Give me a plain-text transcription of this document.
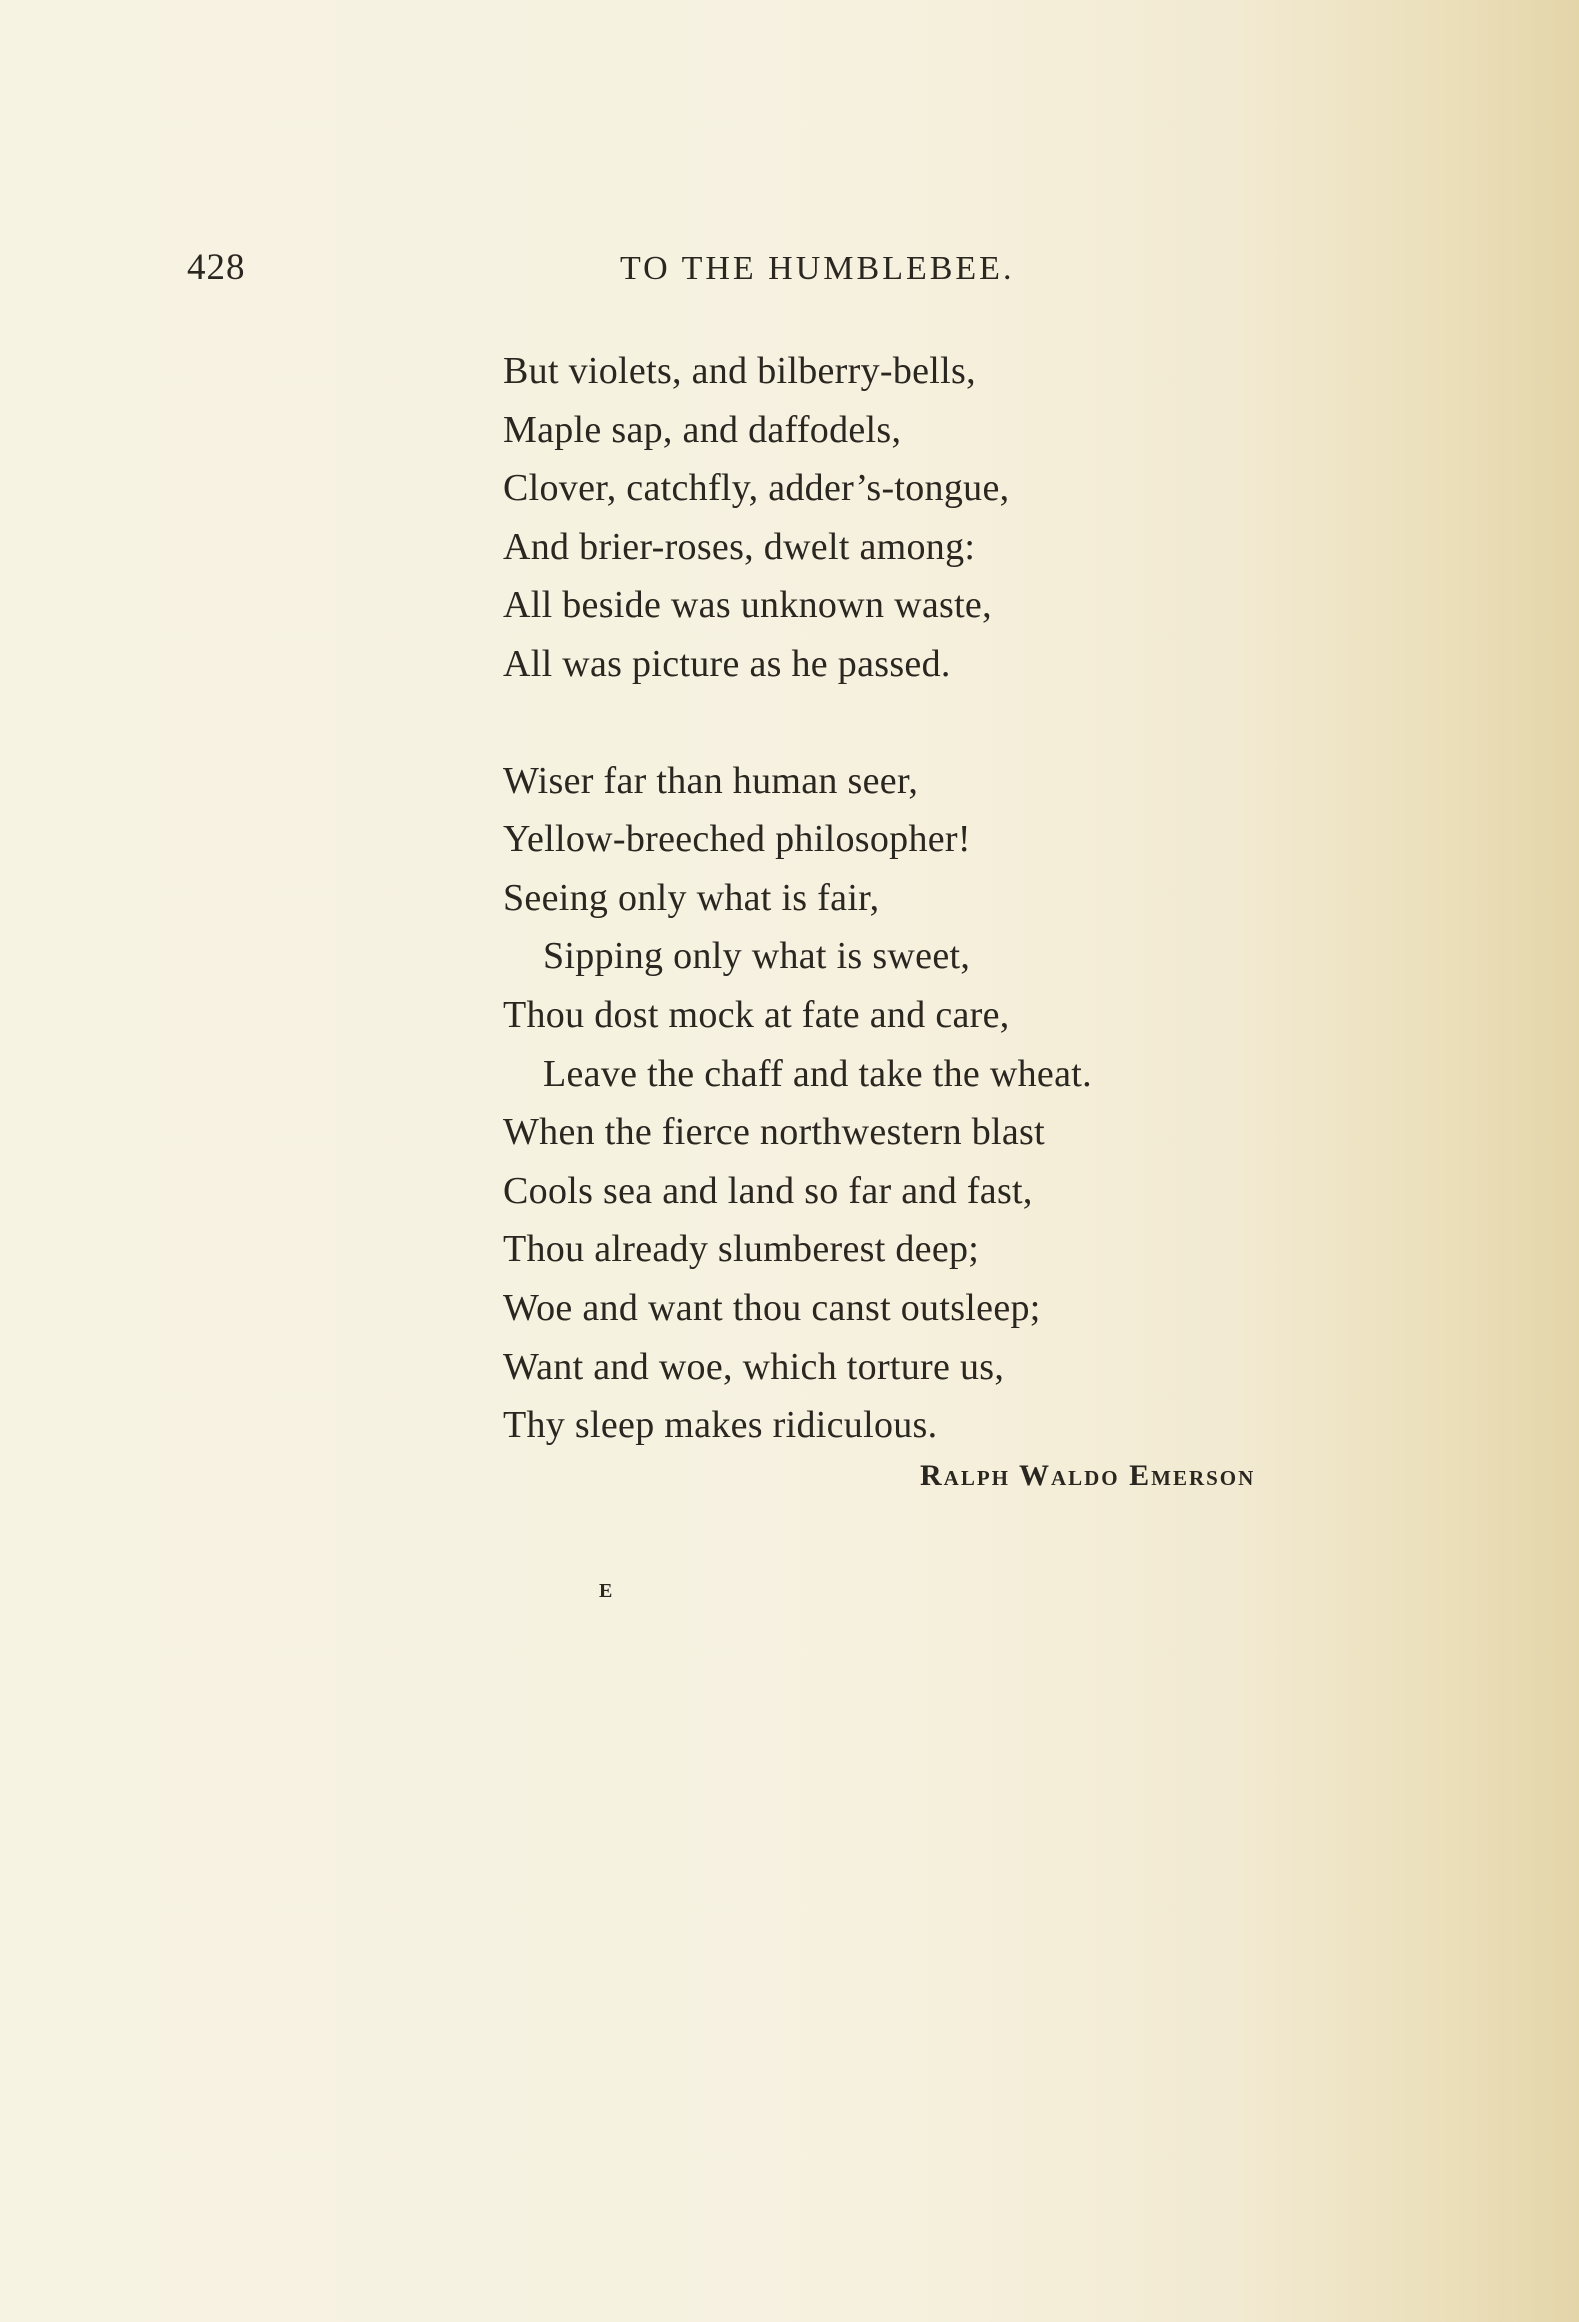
428	TO THE HUMBLEBEE.
But violets, and bilberry-bells,
Maple sap, and daffodels,
Clover, catchfly, adder’s-tongue,
And brier-roses, dwelt among:
All beside was unknown waste,
All was picture as he passed.
Wiser far than human seer,
Yellow-breeched philosopher!
Seeing only what is fair,
Sipping only what is sweet,
Thou dost mock at fate and care,
Leave the chaff and take the wheat.
When the fierce northwestern blast
Cools sea and land so far and fast,
Thou already slumberest deep;
Woe and want thou canst outsleep;
Want and woe, which torture us,
Thy sleep makes ridiculous.
Ralph Waldo Emerson
E
